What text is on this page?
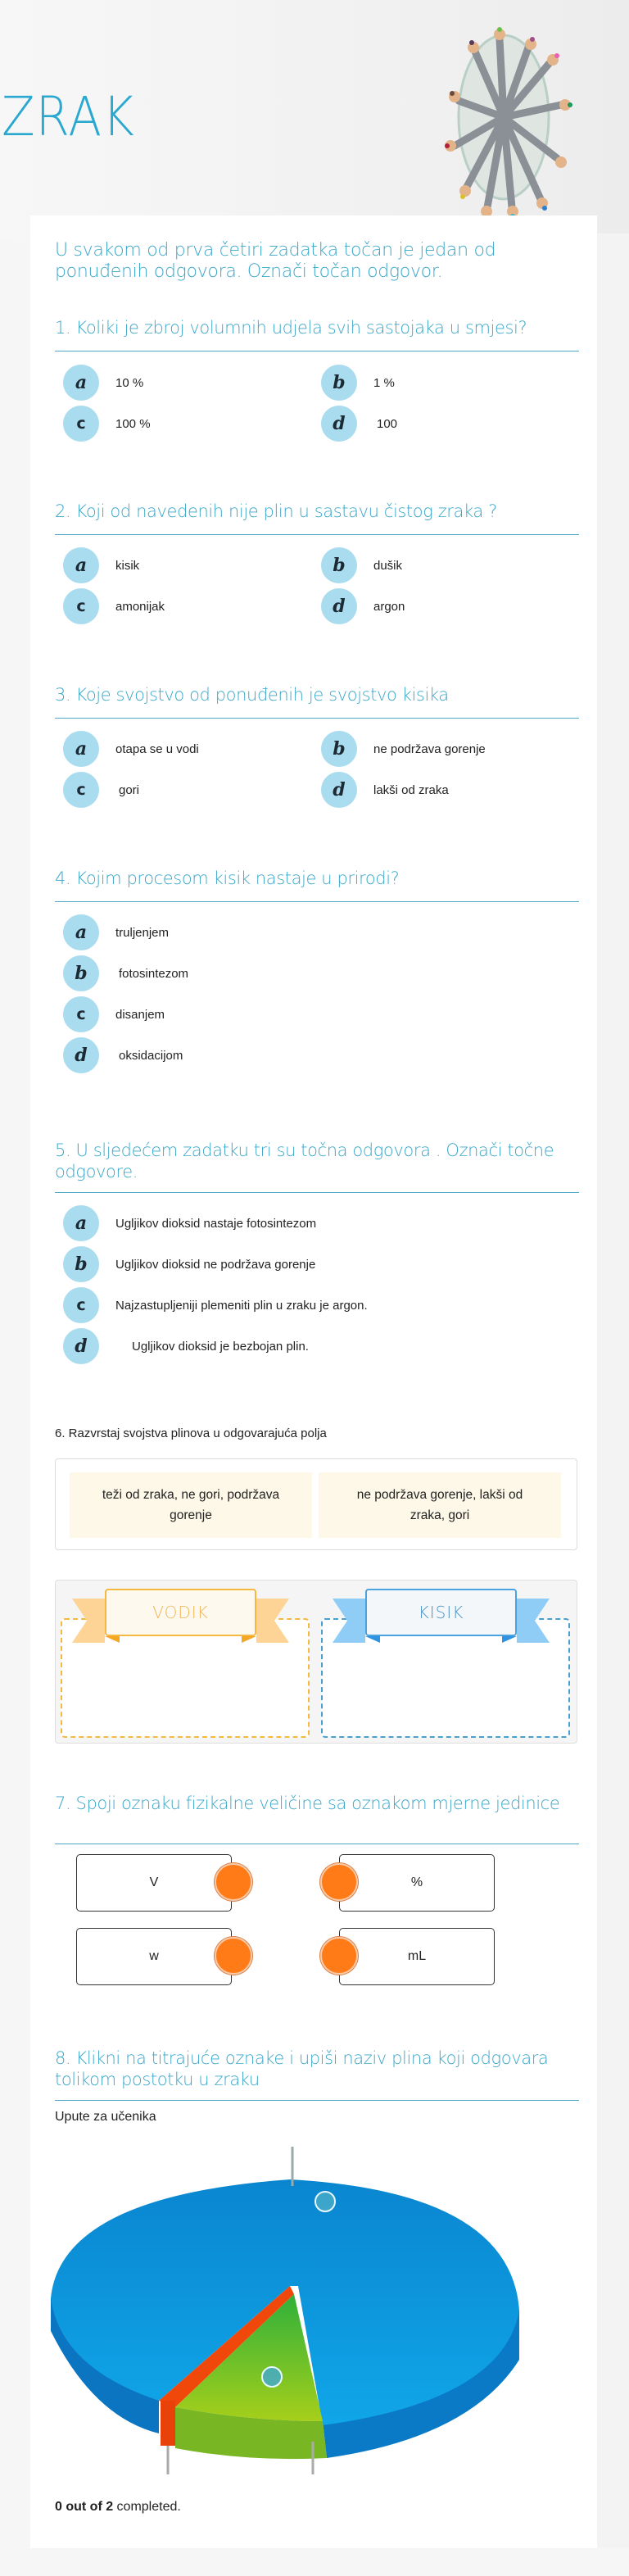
ZRAK
U svakom od prva četiri zadatka točan je jedan od ponuđenih odgovora. Označi točan odgovor.
1. Koliki je zbroj volumnih udjela svih sastojaka u smjesi?
a	10 %	b	1 %
c	100 %	d	100
2. Koji od navedenih nije plin u sastavu čistog zraka ?
a	kisik	b	dušik
c	amonijak	d	argon
3. Koje svojstvo od ponuđenih je svojstvo kisika
a	otapa se u vodi	b	ne podržava gorenje
c	gori	d	lakši od zraka
4. Kojim procesom kisik nastaje u prirodi?
a	truljenjem
b	fotosintezom
c	disanjem
d	oksidacijom
5. U sljedećem zadatku tri su točna odgovora . Označi točne odgovore.
a	Ugljikov dioksid nastaje fotosintezom
b	Ugljikov dioksid ne podržava gorenje
c	Najzastupljeniji plemeniti plin u zraku je argon.
d	Ugljikov dioksid je bezbojan plin.
6. Razvrstaj svojstva plinova u odgovarajuća polja
teži od zraka, ne gori, podržava gorenje
ne podržava gorenje, lakši od zraka, gori
VODIK	KISIK
7. Spoji oznaku fizikalne veličine sa oznakom mjerne jedinice
V	%
w	mL
8. Klikni na titrajuće oznake i upiši naziv plina koji odgovara tolikom postotku u zraku
Upute za učenika
0 out of 2 completed.
